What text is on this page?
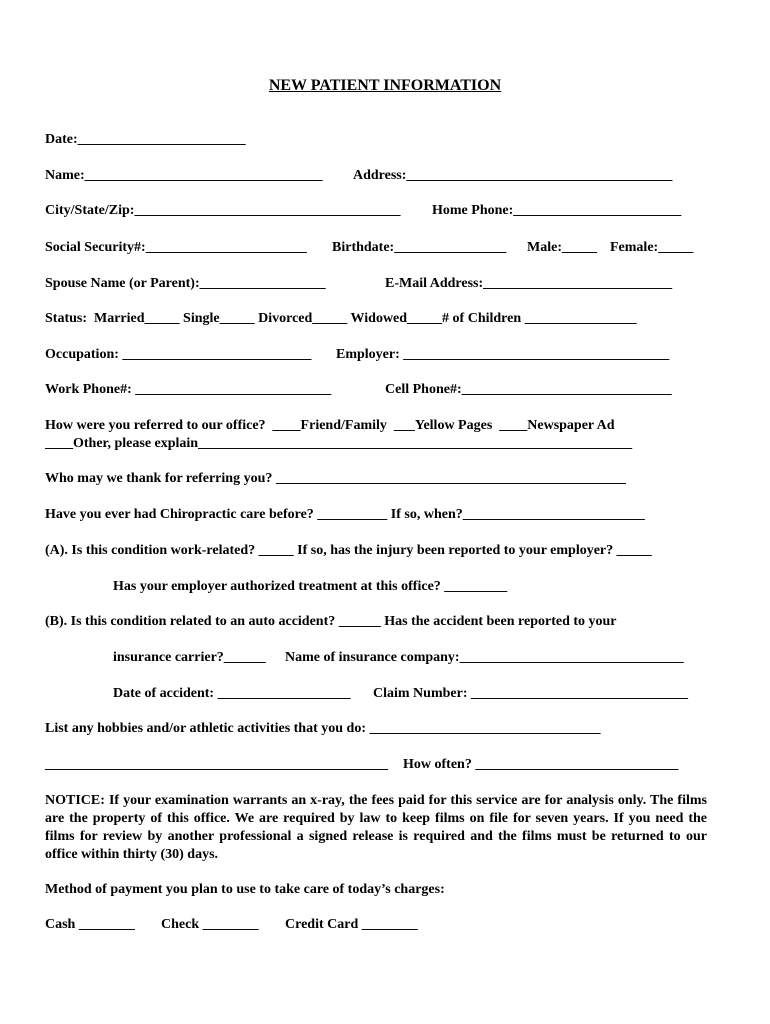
NEW PATIENT INFORMATION
Date:________________________
Name:__________________________________ Address:______________________________________
City/State/Zip:______________________________________ Home Phone:________________________
Social Security#:_______________________ Birthdate:________________ Male:_____ Female:_____
Spouse Name (or Parent):__________________	E-Mail Address:___________________________
Status:  Married_____ Single_____ Divorced_____ Widowed_____# of Children ________________
Occupation: ___________________________ Employer: ______________________________________
Work Phone#: ____________________________	Cell Phone#:______________________________
How were you referred to our office?  ____Friend/Family  ___Yellow Pages  ____Newspaper Ad
____Other, please explain______________________________________________________________
Who may we thank for referring you? __________________________________________________
Have you ever had Chiropractic care before? __________ If so, when?__________________________
(A). Is this condition work-related? _____ If so, has the injury been reported to your employer? _____
Has your employer authorized treatment at this office? _________
(B). Is this condition related to an auto accident? ______ Has the accident been reported to your
insurance carrier?______ Name of insurance company:________________________________
Date of accident: ___________________ Claim Number: _______________________________
List any hobbies and/or athletic activities that you do: _________________________________
_________________________________________________ How often? _____________________________
NOTICE: If your examination warrants an x-ray, the fees paid for this service are for analysis only. The films are the property of this office. We are required by law to keep films on file for seven years. If you need the films for review by another professional a signed release is required and the films must be returned to our office within thirty (30) days.
Method of payment you plan to use to take care of today’s charges:
Cash ________ Check ________ Credit Card ________
